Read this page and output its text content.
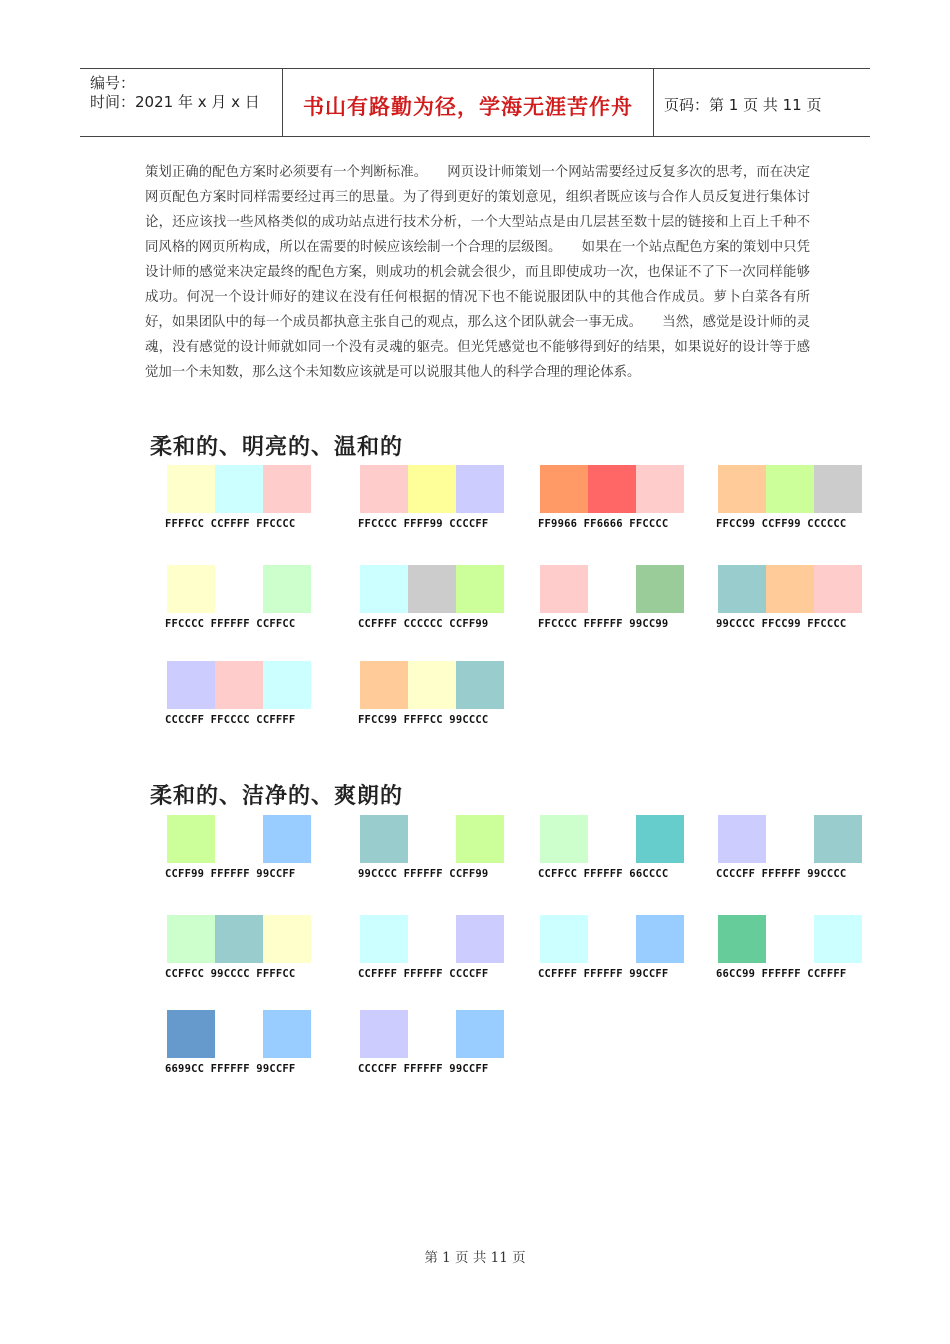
编号：
时间：2021 年 x 月 x 日	书山有路勤为径，学海无涯苦作舟	页码：第 1 页 共 11 页
策划正确的配色方案时必须要有一个判断标准。　　网页设计师策划一个网站需要经过反复多次的思考，而在决定网页配色方案时同样需要经过再三的思量。为了得到更好的策划意见，组织者既应该与合作人员反复进行集体讨论，还应该找一些风格类似的成功站点进行技术分析，一个大型站点是由几层甚至数十层的链接和上百上千种不同风格的网页所构成，所以在需要的时候应该绘制一个合理的层级图。　　如果在一个站点配色方案的策划中只凭设计师的感觉来决定最终的配色方案，则成功的机会就会很少，而且即使成功一次，也保证不了下一次同样能够成功。何况一个设计师好的建议在没有任何根据的情况下也不能说服团队中的其他合作成员。萝卜白菜各有所好，如果团队中的每一个成员都执意主张自己的观点，那么这个团队就会一事无成。　　当然，感觉是设计师的灵魂，没有感觉的设计师就如同一个没有灵魂的躯壳。但光凭感觉也不能够得到好的结果，如果说好的设计等于感觉加一个未知数，那么这个未知数应该就是可以说服其他人的科学合理的理论体系。
柔和的、明亮的、温和的
FFFFCC CCFFFF FFCCCC	FFCCCC FFFF99 CCCCFF	FF9966 FF6666 FFCCCC	FFCC99 CCFF99 CCCCCC
FFCCCC FFFFFF CCFFCC	CCFFFF CCCCCC CCFF99	FFCCCC FFFFFF 99CC99	99CCCC FFCC99 FFCCCC
CCCCFF FFCCCC CCFFFF	FFCC99 FFFFCC 99CCCC
柔和的、洁净的、爽朗的
CCFF99 FFFFFF 99CCFF	99CCCC FFFFFF CCFF99	CCFFCC FFFFFF 66CCCC	CCCCFF FFFFFF 99CCCC
CCFFCC 99CCCC FFFFCC	CCFFFF FFFFFF CCCCFF	CCFFFF FFFFFF 99CCFF	66CC99 FFFFFF CCFFFF
6699CC FFFFFF 99CCFF	CCCCFF FFFFFF 99CCFF
第 1 页 共 11 页
